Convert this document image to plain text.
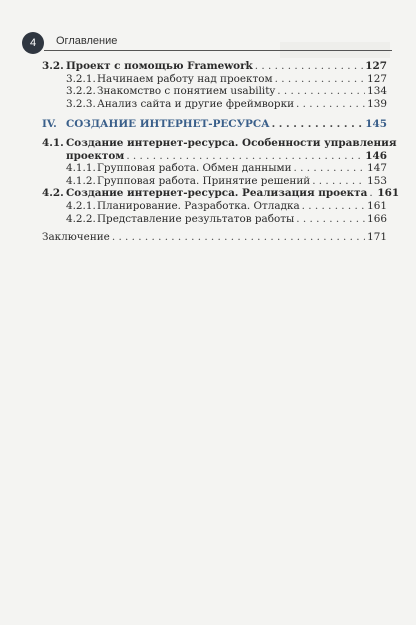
4	Оглавление
3.2. Проект с помощью Framework . . .	127
3.2.1. Начинаем работу над проектом . . .	127
3.2.2. Знакомство с понятием usability . . .	134
3.2.3. Анализ сайта и другие фреймворки . . .	139
IV. СОЗДАНИЕ ИНТЕРНЕТ-РЕСУРСА . . .	145
4.1. Создание интернет-ресурса. Особенности управления
проектом . . .	146
4.1.1. Групповая работа. Обмен данными . . .	147
4.1.2. Групповая работа. Принятие решений . . .	153
4.2. Создание интернет-ресурса. Реализация проекта . . . 161
4.2.1. Планирование. Разработка. Отладка . . .	161
4.2.2. Представление результатов работы . . .	166
Заключение . . .	171
